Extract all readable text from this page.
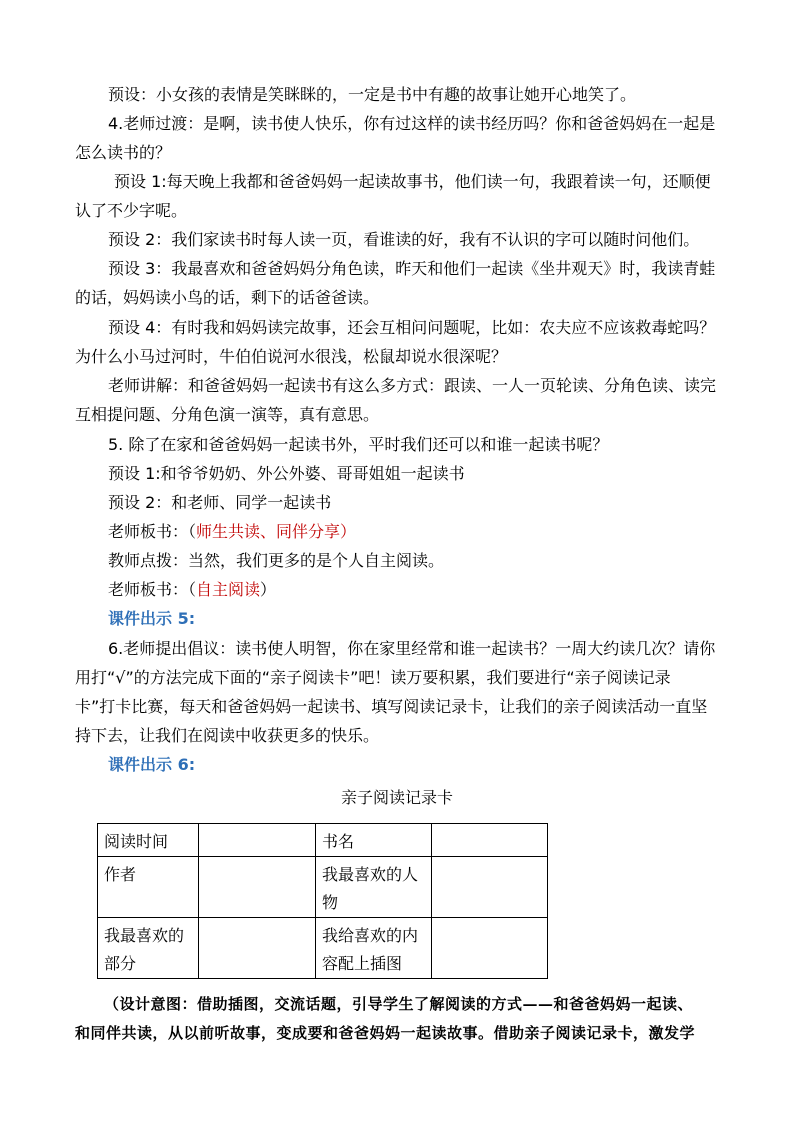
预设：小女孩的表情是笑眯眯的，一定是书中有趣的故事让她开心地笑了。
4.老师过渡：是啊，读书使人快乐，你有过这样的读书经历吗？你和爸爸妈妈在一起是
怎么读书的？
预设 1:每天晚上我都和爸爸妈妈一起读故事书，他们读一句，我跟着读一句，还顺便
认了不少字呢。
预设 2：我们家读书时每人读一页，看谁读的好，我有不认识的字可以随时问他们。
预设 3：我最喜欢和爸爸妈妈分角色读，昨天和他们一起读《坐井观天》时，我读青蛙
的话，妈妈读小鸟的话，剩下的话爸爸读。
预设 4：有时我和妈妈读完故事，还会互相问问题呢，比如：农夫应不应该救毒蛇吗？
为什么小马过河时，牛伯伯说河水很浅，松鼠却说水很深呢？
老师讲解：和爸爸妈妈一起读书有这么多方式：跟读、一人一页轮读、分角色读、读完
互相提问题、分角色演一演等，真有意思。
5. 除了在家和爸爸妈妈一起读书外，平时我们还可以和谁一起读书呢？
预设 1:和爷爷奶奶、外公外婆、哥哥姐姐一起读书
预设 2：和老师、同学一起读书
老师板书：（师生共读、同伴分享）
教师点拨：当然，我们更多的是个人自主阅读。
老师板书：（自主阅读）
课件出示 5:
6.老师提出倡议：读书使人明智，你在家里经常和谁一起读书？一周大约读几次？请你
用打“√”的方法完成下面的“亲子阅读卡”吧！读万要积累，我们要进行“亲子阅读记录
卡”打卡比赛，每天和爸爸妈妈一起读书、填写阅读记录卡，让我们的亲子阅读活动一直坚
持下去，让我们在阅读中收获更多的快乐。
课件出示 6:
亲子阅读记录卡
阅读时间		书名	
作者		我最喜欢的人物	
我最喜欢的部分		我给喜欢的内容配上插图	
（设计意图：借助插图，交流话题，引导学生了解阅读的方式——和爸爸妈妈一起读、
和同伴共读，从以前听故事，变成要和爸爸妈妈一起读故事。借助亲子阅读记录卡，激发学
